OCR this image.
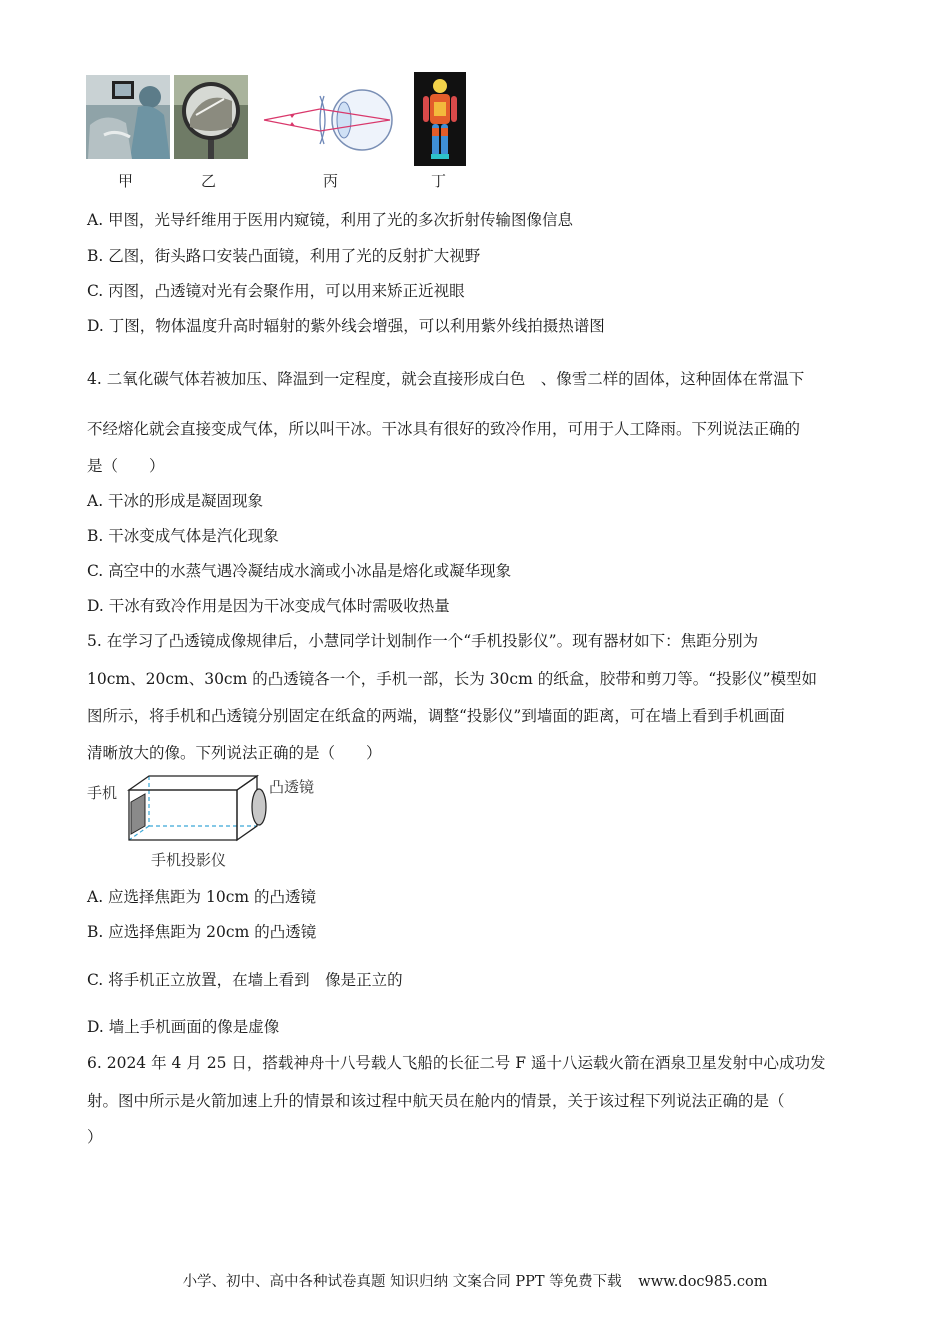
甲	乙	丙	丁
A. 甲图，光导纤维用于医用内窥镜，利用了光的多次折射传输图像信息
B. 乙图，街头路口安装凸面镜，利用了光的反射扩大视野
C. 丙图，凸透镜对光有会聚作用，可以用来矫正近视眼
D. 丁图，物体温度升高时辐射的紫外线会增强，可以利用紫外线拍摄热谱图
4. 二氧化碳气体若被加压、降温到一定程度，就会直接形成白色　、像雪二样的固体，这种固体在常温下
不经熔化就会直接变成气体，所以叫干冰。干冰具有很好的致冷作用，可用于人工降雨。下列说法正确的
是（　　）
A. 干冰的形成是凝固现象
B. 干冰变成气体是汽化现象
C. 高空中的水蒸气遇冷凝结成水滴或小冰晶是熔化或凝华现象
D. 干冰有致冷作用是因为干冰变成气体时需吸收热量
5. 在学习了凸透镜成像规律后，小慧同学计划制作一个“手机投影仪”。现有器材如下：焦距分别为
10cm、20cm、30cm 的凸透镜各一个，手机一部，长为 30cm 的纸盒，胶带和剪刀等。“投影仪”模型如
图所示，将手机和凸透镜分别固定在纸盒的两端，调整“投影仪”到墙面的距离，可在墙上看到手机画面
清晰放大的像。下列说法正确的是（　　）
手机	凸透镜
手机投影仪
A. 应选择焦距为 10cm 的凸透镜
B. 应选择焦距为 20cm 的凸透镜
C. 将手机正立放置，在墙上看到　像是正立的
D. 墙上手机画面的像是虚像
6. 2024 年 4 月 25 日，搭载神舟十八号载人飞船的长征二号 F 遥十八运载火箭在酒泉卫星发射中心成功发
射。图中所示是火箭加速上升的情景和该过程中航天员在舱内的情景，关于该过程下列说法正确的是（
）
小学、初中、高中各种试卷真题 知识归纳 文案合同 PPT 等免费下载 www.doc985.com
